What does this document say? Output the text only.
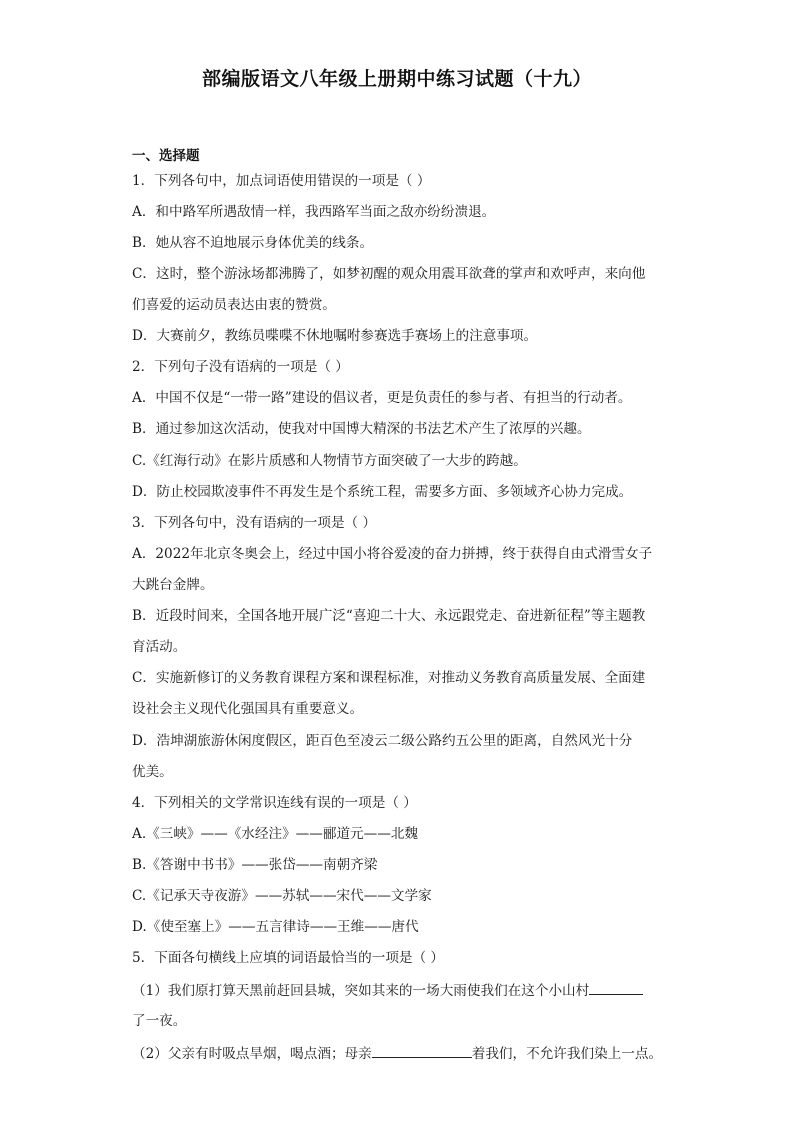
部编版语文八年级上册期中练习试题（十九）
一、选择题
1．下列各句中，加点词语使用错误的一项是（ ）
A．和中路军所遇敌情一样，我西路军当面之敌亦纷纷溃退。
B．她从容不迫地展示身体优美的线条。
C．这时，整个游泳场都沸腾了，如梦初醒的观众用震耳欲聋的掌声和欢呼声，来向他
们喜爱的运动员表达由衷的赞赏。
D．大赛前夕，教练员喋喋不休地嘱咐参赛选手赛场上的注意事项。
2．下列句子没有语病的一项是（ ）
A．中国不仅是“一带一路”建设的倡议者，更是负责任的参与者、有担当的行动者。
B．通过参加这次活动，使我对中国博大精深的书法艺术产生了浓厚的兴趣。
C.《红海行动》在影片质感和人物情节方面突破了一大步的跨越。
D．防止校园欺凌事件不再发生是个系统工程，需要多方面、多领域齐心协力完成。
3．下列各句中，没有语病的一项是（ ）
A．2022年北京冬奥会上，经过中国小将谷爱凌的奋力拼搏，终于获得自由式滑雪女子
大跳台金牌。
B．近段时间来，全国各地开展广泛“喜迎二十大、永远跟党走、奋进新征程”等主题教
育活动。
C．实施新修订的义务教育课程方案和课程标准，对推动义务教育高质量发展、全面建
设社会主义现代化强国具有重要意义。
D．浩坤湖旅游休闲度假区，距百色至凌云二级公路约五公里的距离，自然风光十分
优美。
4．下列相关的文学常识连线有误的一项是（ ）
A.《三峡》——《水经注》——郦道元——北魏
B.《答谢中书书》——张岱——南朝齐梁
C.《记承天寺夜游》——苏轼——宋代——文学家
D.《使至塞上》——五言律诗——王维——唐代
5．下面各句横线上应填的词语最恰当的一项是（ ）
（1）我们原打算天黑前赶回县城，突如其来的一场大雨使我们在这个小山村
了一夜。
（2）父亲有时吸点旱烟，喝点酒；母亲	着我们，不允许我们染上一点。
